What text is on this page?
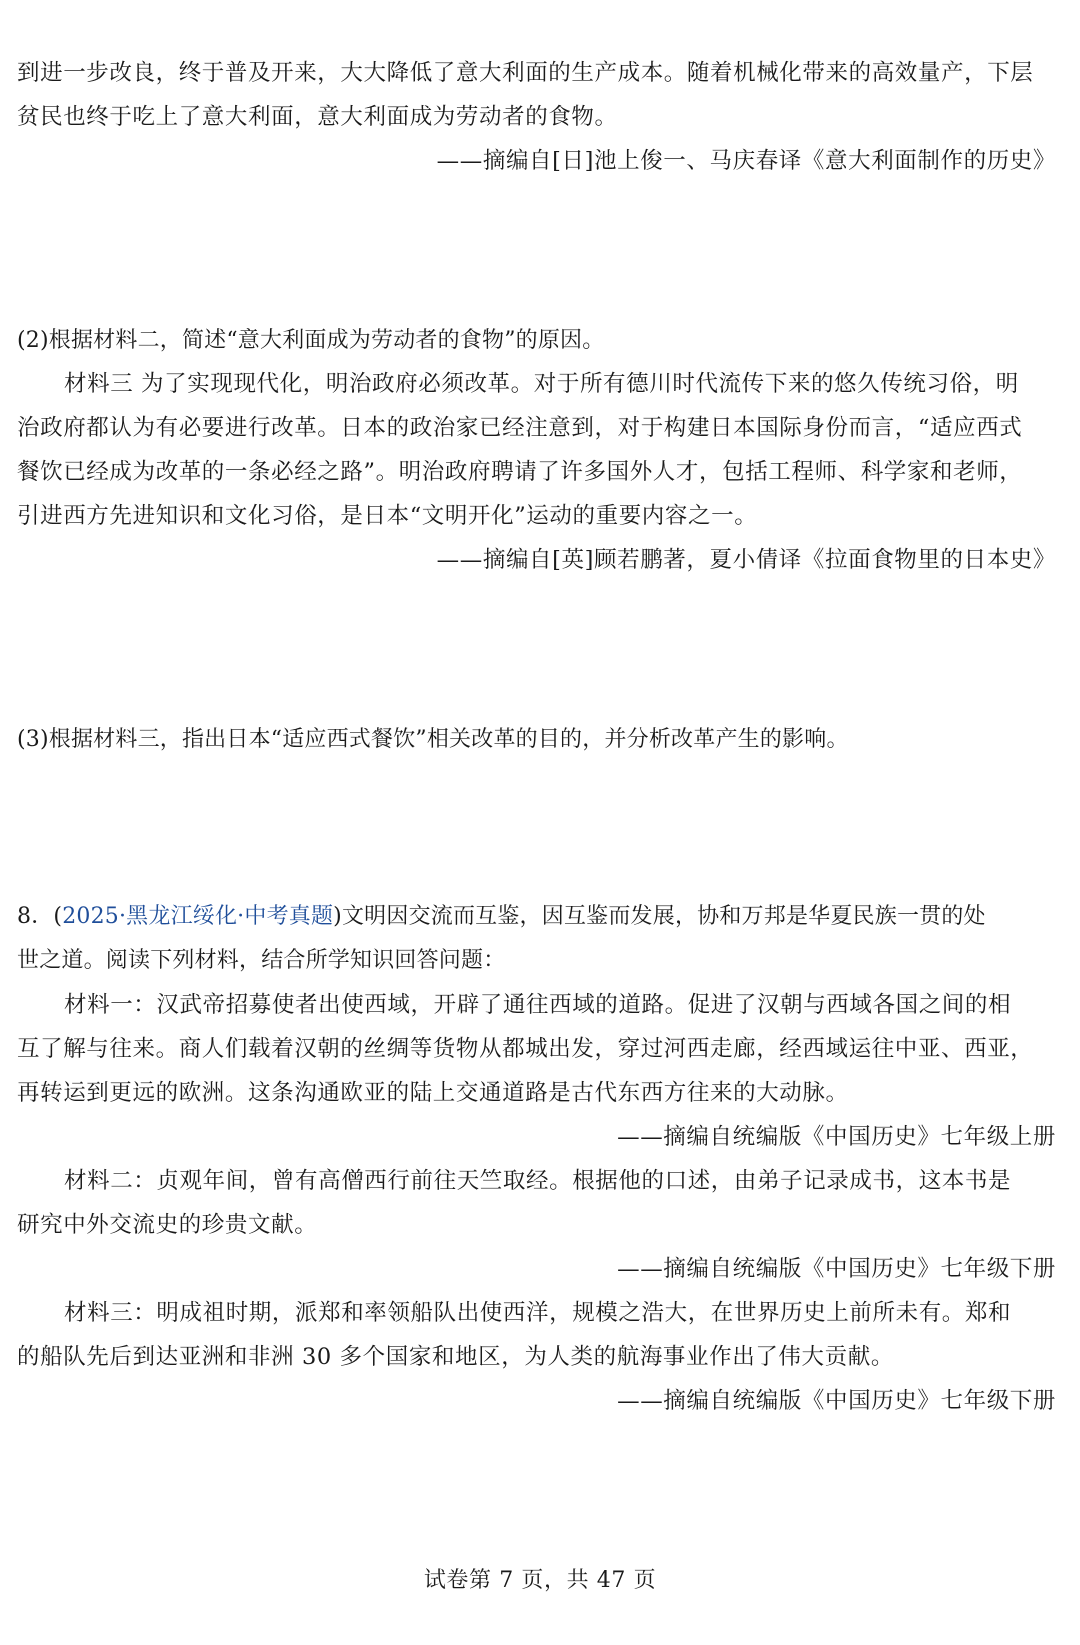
到进一步改良，终于普及开来，大大降低了意大利面的生产成本。随着机械化带来的高效量产，下层
贫民也终于吃上了意大利面，意大利面成为劳动者的食物。
——摘编自[日]池上俊一、马庆春译《意大利面制作的历史》
(2)根据材料二，简述“意大利面成为劳动者的食物”的原因。
材料三 为了实现现代化，明治政府必须改革。对于所有德川时代流传下来的悠久传统习俗，明
治政府都认为有必要进行改革。日本的政治家已经注意到，对于构建日本国际身份而言，“适应西式
餐饮已经成为改革的一条必经之路”。明治政府聘请了许多国外人才，包括工程师、科学家和老师，
引进西方先进知识和文化习俗，是日本“文明开化”运动的重要内容之一。
——摘编自[英]顾若鹏著，夏小倩译《拉面食物里的日本史》
(3)根据材料三，指出日本“适应西式餐饮”相关改革的目的，并分析改革产生的影响。
8．(2025·黑龙江绥化·中考真题)文明因交流而互鉴，因互鉴而发展，协和万邦是华夏民族一贯的处
世之道。阅读下列材料，结合所学知识回答问题：
材料一：汉武帝招募使者出使西域，开辟了通往西域的道路。促进了汉朝与西域各国之间的相
互了解与往来。商人们载着汉朝的丝绸等货物从都城出发，穿过河西走廊，经西域运往中亚、西亚，
再转运到更远的欧洲。这条沟通欧亚的陆上交通道路是古代东西方往来的大动脉。
——摘编自统编版《中国历史》七年级上册
材料二：贞观年间，曾有高僧西行前往天竺取经。根据他的口述，由弟子记录成书，这本书是
研究中外交流史的珍贵文献。
——摘编自统编版《中国历史》七年级下册
材料三：明成祖时期，派郑和率领船队出使西洋，规模之浩大，在世界历史上前所未有。郑和
的船队先后到达亚洲和非洲 30 多个国家和地区，为人类的航海事业作出了伟大贡献。
——摘编自统编版《中国历史》七年级下册
试卷第 7 页，共 47 页
